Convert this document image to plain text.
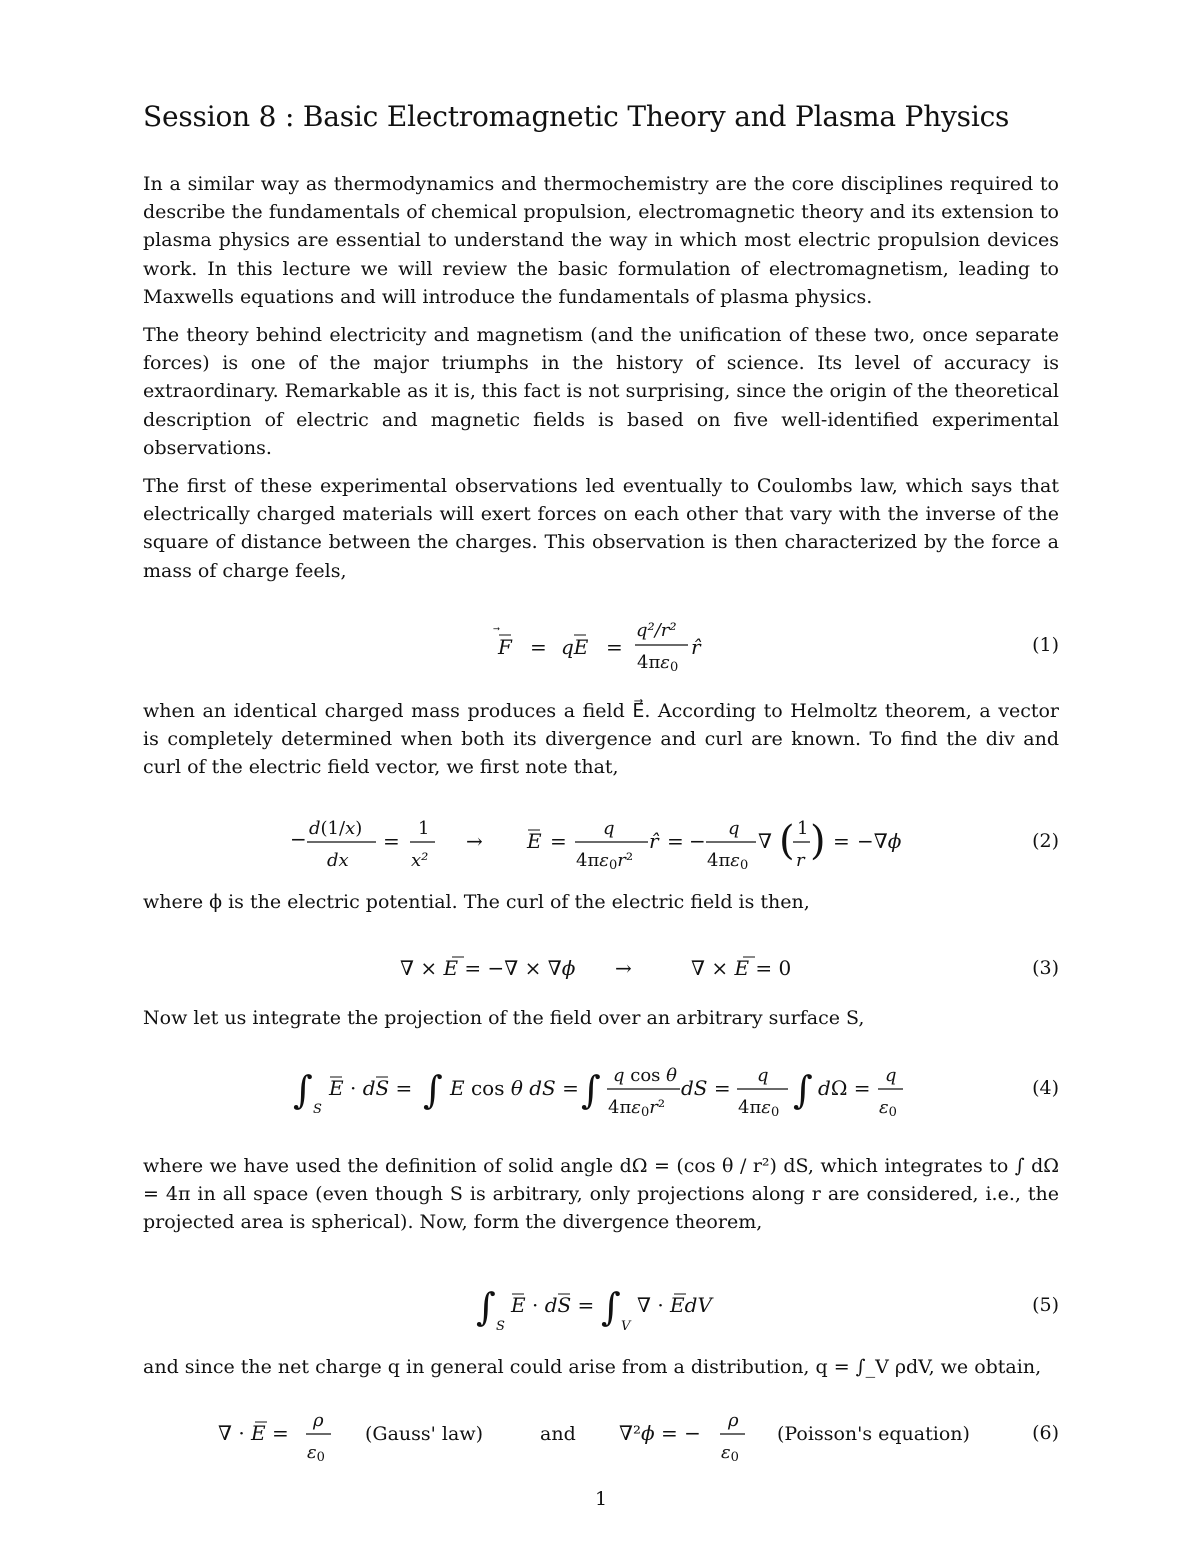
Session 8 : Basic Electromagnetic Theory and Plasma Physics
In a similar way as thermodynamics and thermochemistry are the core disciplines required to describe the fundamentals of chemical propulsion, electromagnetic theory and its extension to plasma physics are essential to understand the way in which most electric propulsion devices work. In this lecture we will review the basic formulation of electromagnetism, leading to Maxwells equations and will introduce the fundamentals of plasma physics.
The theory behind electricity and magnetism (and the unification of these two, once separate forces) is one of the major triumphs in the history of science. Its level of accuracy is extraordinary. Remarkable as it is, this fact is not surprising, since the origin of the theoretical description of electric and magnetic fields is based on five well-identified experimental observations.
The first of these experimental observations led eventually to Coulombs law, which says that electrically charged materials will exert forces on each other that vary with the inverse of the square of distance between the charges. This observation is then characterized by the force a mass of charge feels,
F = qE =
q²/r²
4πε0
r̂	(1)
when an identical charged mass produces a field E⃗. According to Helmoltz theorem, a vector is completely determined when both its divergence and curl are known. To find the div and curl of the electric field vector, we first note that,
− d(1/x)
dx
=
1
x²
→ E =
q
4πε0r²
r̂ = −
q
4πε0
∇ ( 1
r ) = −∇ϕ	(2)
where ϕ is the electric potential. The curl of the electric field is then,
∇ × E = −∇ × ∇ϕ →	∇ × E = 0	(3)
Now let us integrate the projection of the field over an arbitrary surface S,
∫ S
E · dS = ∫ E cos θ dS = ∫ q cos θ
4πε0r²
dS =
q
4πε0
∫ dΩ =
q
ε0
(4)
where we have used the definition of solid angle dΩ = (cos θ / r²) dS, which integrates to ∫ dΩ = 4π in all space (even though S is arbitrary, only projections along r are considered, i.e., the projected area is spherical). Now, form the divergence theorem,
∫ S
E · dS = ∫ V
∇ · EdV	(5)
and since the net charge q in general could arise from a distribution, q = ∫_V ρdV, we obtain,
∇ · E =
ρ
ε0
(Gauss' law)	and ∇²ϕ = −
ρ
ε0
(Poisson's equation)	(6)
1
